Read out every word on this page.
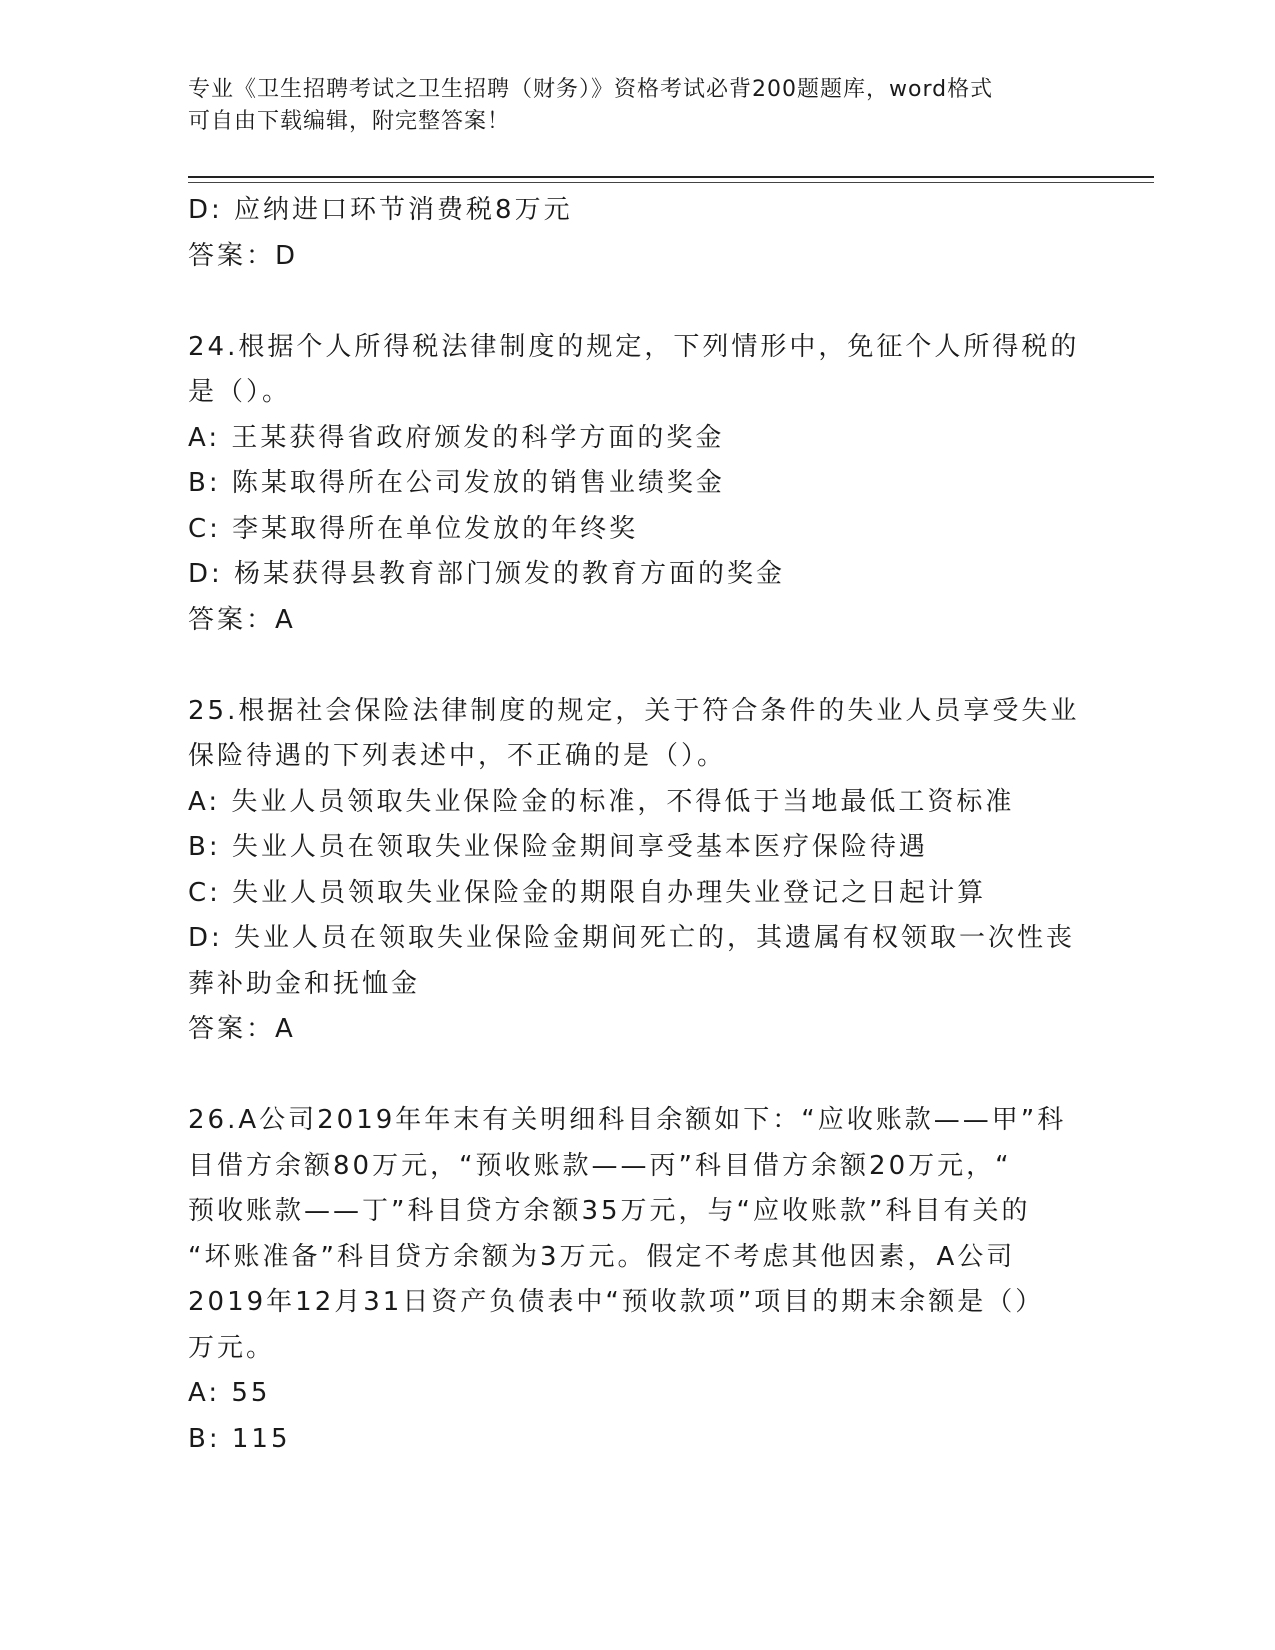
专业《卫生招聘考试之卫生招聘（财务）》资格考试必背200题题库，word格式
可自由下载编辑，附完整答案！
D: 应纳进口环节消费税8万元
答案：D
24.根据个人所得税法律制度的规定，下列情形中，免征个人所得税的
是（）。
A: 王某获得省政府颁发的科学方面的奖金
B: 陈某取得所在公司发放的销售业绩奖金
C: 李某取得所在单位发放的年终奖
D: 杨某获得县教育部门颁发的教育方面的奖金
答案：A
25.根据社会保险法律制度的规定，关于符合条件的失业人员享受失业
保险待遇的下列表述中，不正确的是（）。
A: 失业人员领取失业保险金的标准，不得低于当地最低工资标准
B: 失业人员在领取失业保险金期间享受基本医疗保险待遇
C: 失业人员领取失业保险金的期限自办理失业登记之日起计算
D: 失业人员在领取失业保险金期间死亡的，其遗属有权领取一次性丧
葬补助金和抚恤金
答案：A
26.A公司2019年年末有关明细科目余额如下：“应收账款——甲”科
目借方余额80万元，“预收账款——丙”科目借方余额20万元，“
预收账款——丁”科目贷方余额35万元，与“应收账款”科目有关的
“坏账准备”科目贷方余额为3万元。假定不考虑其他因素，A公司
2019年12月31日资产负债表中“预收款项”项目的期末余额是（）
万元。
A: 55
B: 115
